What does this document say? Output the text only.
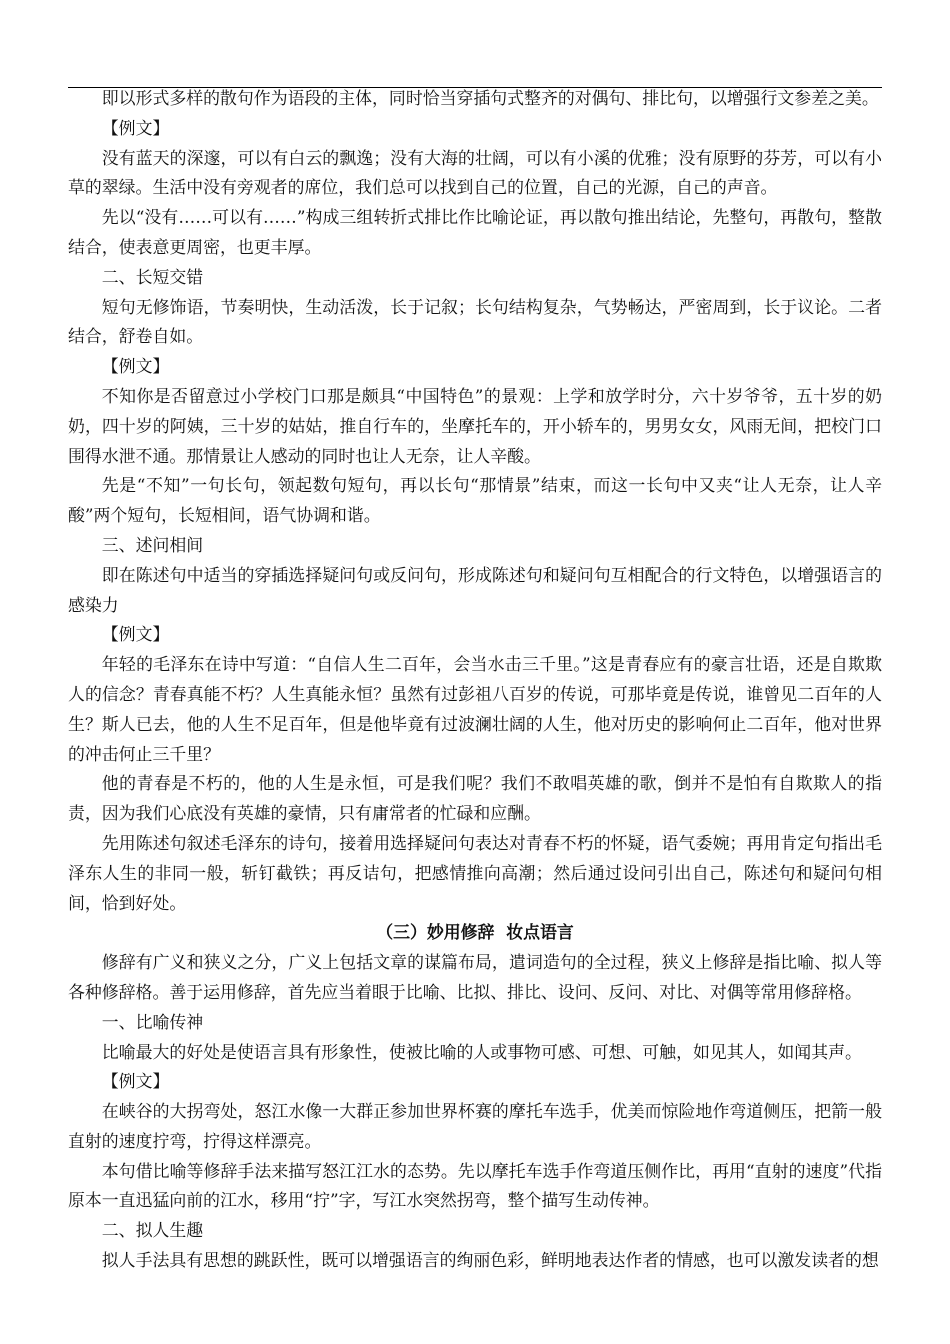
即以形式多样的散句作为语段的主体，同时恰当穿插句式整齐的对偶句、排比句，以增强行文参差之美。

【例文】

没有蓝天的深邃，可以有白云的飘逸；没有大海的壮阔，可以有小溪的优雅；没有原野的芬芳，可以有小草的翠绿。生活中没有旁观者的席位，我们总可以找到自己的位置，自己的光源，自己的声音。

先以“没有……可以有……”构成三组转折式排比作比喻论证，再以散句推出结论，先整句，再散句，整散结合，使表意更周密，也更丰厚。

二、长短交错

短句无修饰语，节奏明快，生动活泼，长于记叙；长句结构复杂，气势畅达，严密周到，长于议论。二者结合，舒卷自如。

【例文】

不知你是否留意过小学校门口那是颇具“中国特色”的景观：上学和放学时分，六十岁爷爷，五十岁的奶奶，四十岁的阿姨，三十岁的姑姑，推自行车的，坐摩托车的，开小轿车的，男男女女，风雨无间，把校门口围得水泄不通。那情景让人感动的同时也让人无奈，让人辛酸。

先是“不知”一句长句，领起数句短句，再以长句“那情景”结束，而这一长句中又夹“让人无奈，让人辛酸”两个短句，长短相间，语气协调和谐。

三、述问相间

即在陈述句中适当的穿插选择疑问句或反问句，形成陈述句和疑问句互相配合的行文特色，以增强语言的感染力

【例文】

年轻的毛泽东在诗中写道：“自信人生二百年，会当水击三千里。”这是青春应有的豪言壮语，还是自欺欺人的信念？青春真能不朽？人生真能永恒？虽然有过彭祖八百岁的传说，可那毕竟是传说，谁曾见二百年的人生？斯人已去，他的人生不足百年，但是他毕竟有过波澜壮阔的人生，他对历史的影响何止二百年，他对世界的冲击何止三千里？

他的青春是不朽的，他的人生是永恒，可是我们呢？我们不敢唱英雄的歌，倒并不是怕有自欺欺人的指责，因为我们心底没有英雄的豪情，只有庸常者的忙碌和应酬。

先用陈述句叙述毛泽东的诗句，接着用选择疑问句表达对青春不朽的怀疑，语气委婉；再用肯定句指出毛泽东人生的非同一般，斩钉截铁；再反诘句，把感情推向高潮；然后通过设问引出自己，陈述句和疑问句相间，恰到好处。

（三）妙用修辞  妆点语言

修辞有广义和狭义之分，广义上包括文章的谋篇布局，遣词造句的全过程，狭义上修辞是指比喻、拟人等各种修辞格。善于运用修辞，首先应当着眼于比喻、比拟、排比、设问、反问、对比、对偶等常用修辞格。

一、比喻传神

比喻最大的好处是使语言具有形象性，使被比喻的人或事物可感、可想、可触，如见其人，如闻其声。

【例文】

在峡谷的大拐弯处，怒江水像一大群正参加世界杯赛的摩托车选手，优美而惊险地作弯道侧压，把箭一般直射的速度拧弯，拧得这样漂亮。

本句借比喻等修辞手法来描写怒江江水的态势。先以摩托车选手作弯道压侧作比，再用“直射的速度”代指原本一直迅猛向前的江水，移用“拧”字，写江水突然拐弯，整个描写生动传神。

二、拟人生趣

拟人手法具有思想的跳跃性，既可以增强语言的绚丽色彩，鲜明地表达作者的情感，也可以激发读者的想
